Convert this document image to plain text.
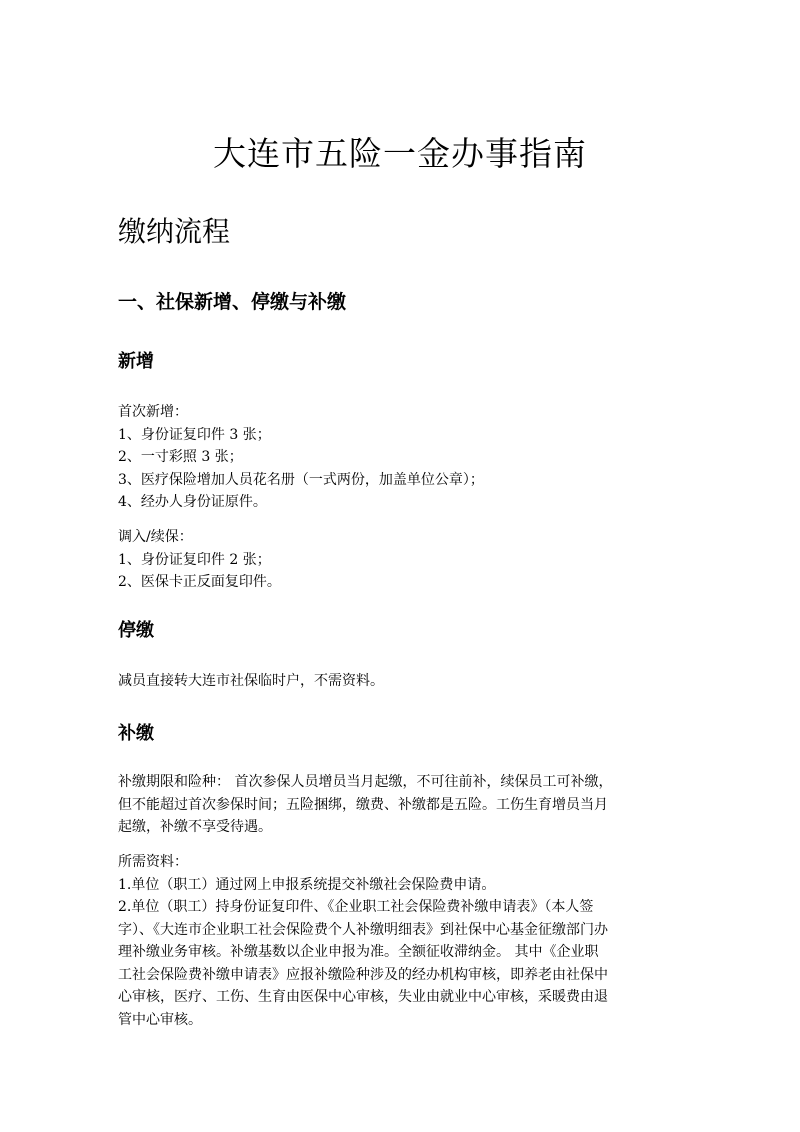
大连市五险一金办事指南
缴纳流程
一、社保新增、停缴与补缴
新增
首次新增：
1、身份证复印件 3 张；
2、一寸彩照 3 张；
3、医疗保险增加人员花名册（一式两份，加盖单位公章）；
4、经办人身份证原件。
调入/续保：
1、身份证复印件 2 张；
2、医保卡正反面复印件。
停缴
减员直接转大连市社保临时户，不需资料。
补缴
补缴期限和险种： 首次参保人员增员当月起缴，不可往前补，续保员工可补缴，
但不能超过首次参保时间；五险捆绑，缴费、补缴都是五险。工伤生育增员当月
起缴，补缴不享受待遇。
所需资料：
1.单位（职工）通过网上申报系统提交补缴社会保险费申请。
2.单位（职工）持身份证复印件、《企业职工社会保险费补缴申请表》（本人签
字）、《大连市企业职工社会保险费个人补缴明细表》到社保中心基金征缴部门办
理补缴业务审核。补缴基数以企业申报为准。全额征收滞纳金。 其中《企业职
工社会保险费补缴申请表》应报补缴险种涉及的经办机构审核，即养老由社保中
心审核，医疗、工伤、生育由医保中心审核，失业由就业中心审核，采暖费由退
管中心审核。
